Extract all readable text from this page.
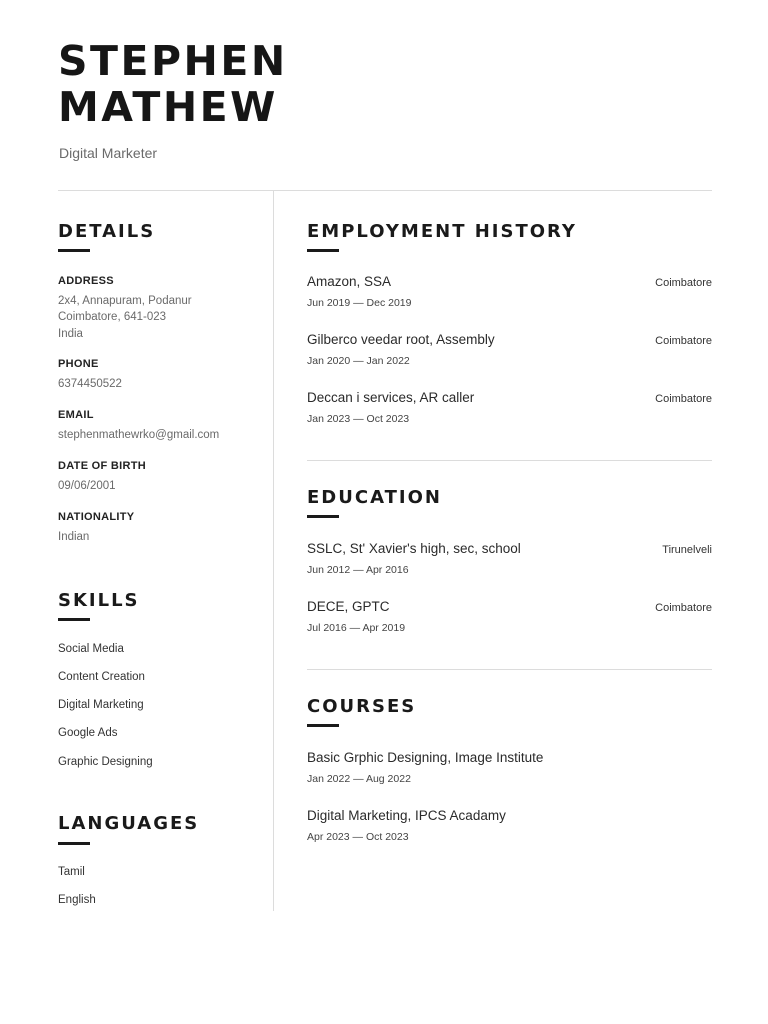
STEPHEN
MATHEW
Digital Marketer
DETAILS
ADDRESS
2x4, Annapuram, Podanur
Coimbatore, 641-023
India
PHONE
6374450522
EMAIL
stephenmathewrko@gmail.com
DATE OF BIRTH
09/06/2001
NATIONALITY
Indian
SKILLS
Social Media
Content Creation
Digital Marketing
Google Ads
Graphic Designing
LANGUAGES
Tamil
English
EMPLOYMENT HISTORY
Amazon, SSA	Coimbatore
Jun 2019 — Dec 2019
Gilberco veedar root, Assembly	Coimbatore
Jan 2020 — Jan 2022
Deccan i services, AR caller	Coimbatore
Jan 2023 — Oct 2023
EDUCATION
SSLC, St' Xavier's high, sec, school	Tirunelveli
Jun 2012 — Apr 2016
DECE, GPTC	Coimbatore
Jul 2016 — Apr 2019
COURSES
Basic Grphic Designing, Image Institute
Jan 2022 — Aug 2022
Digital Marketing, IPCS Acadamy
Apr 2023 — Oct 2023
